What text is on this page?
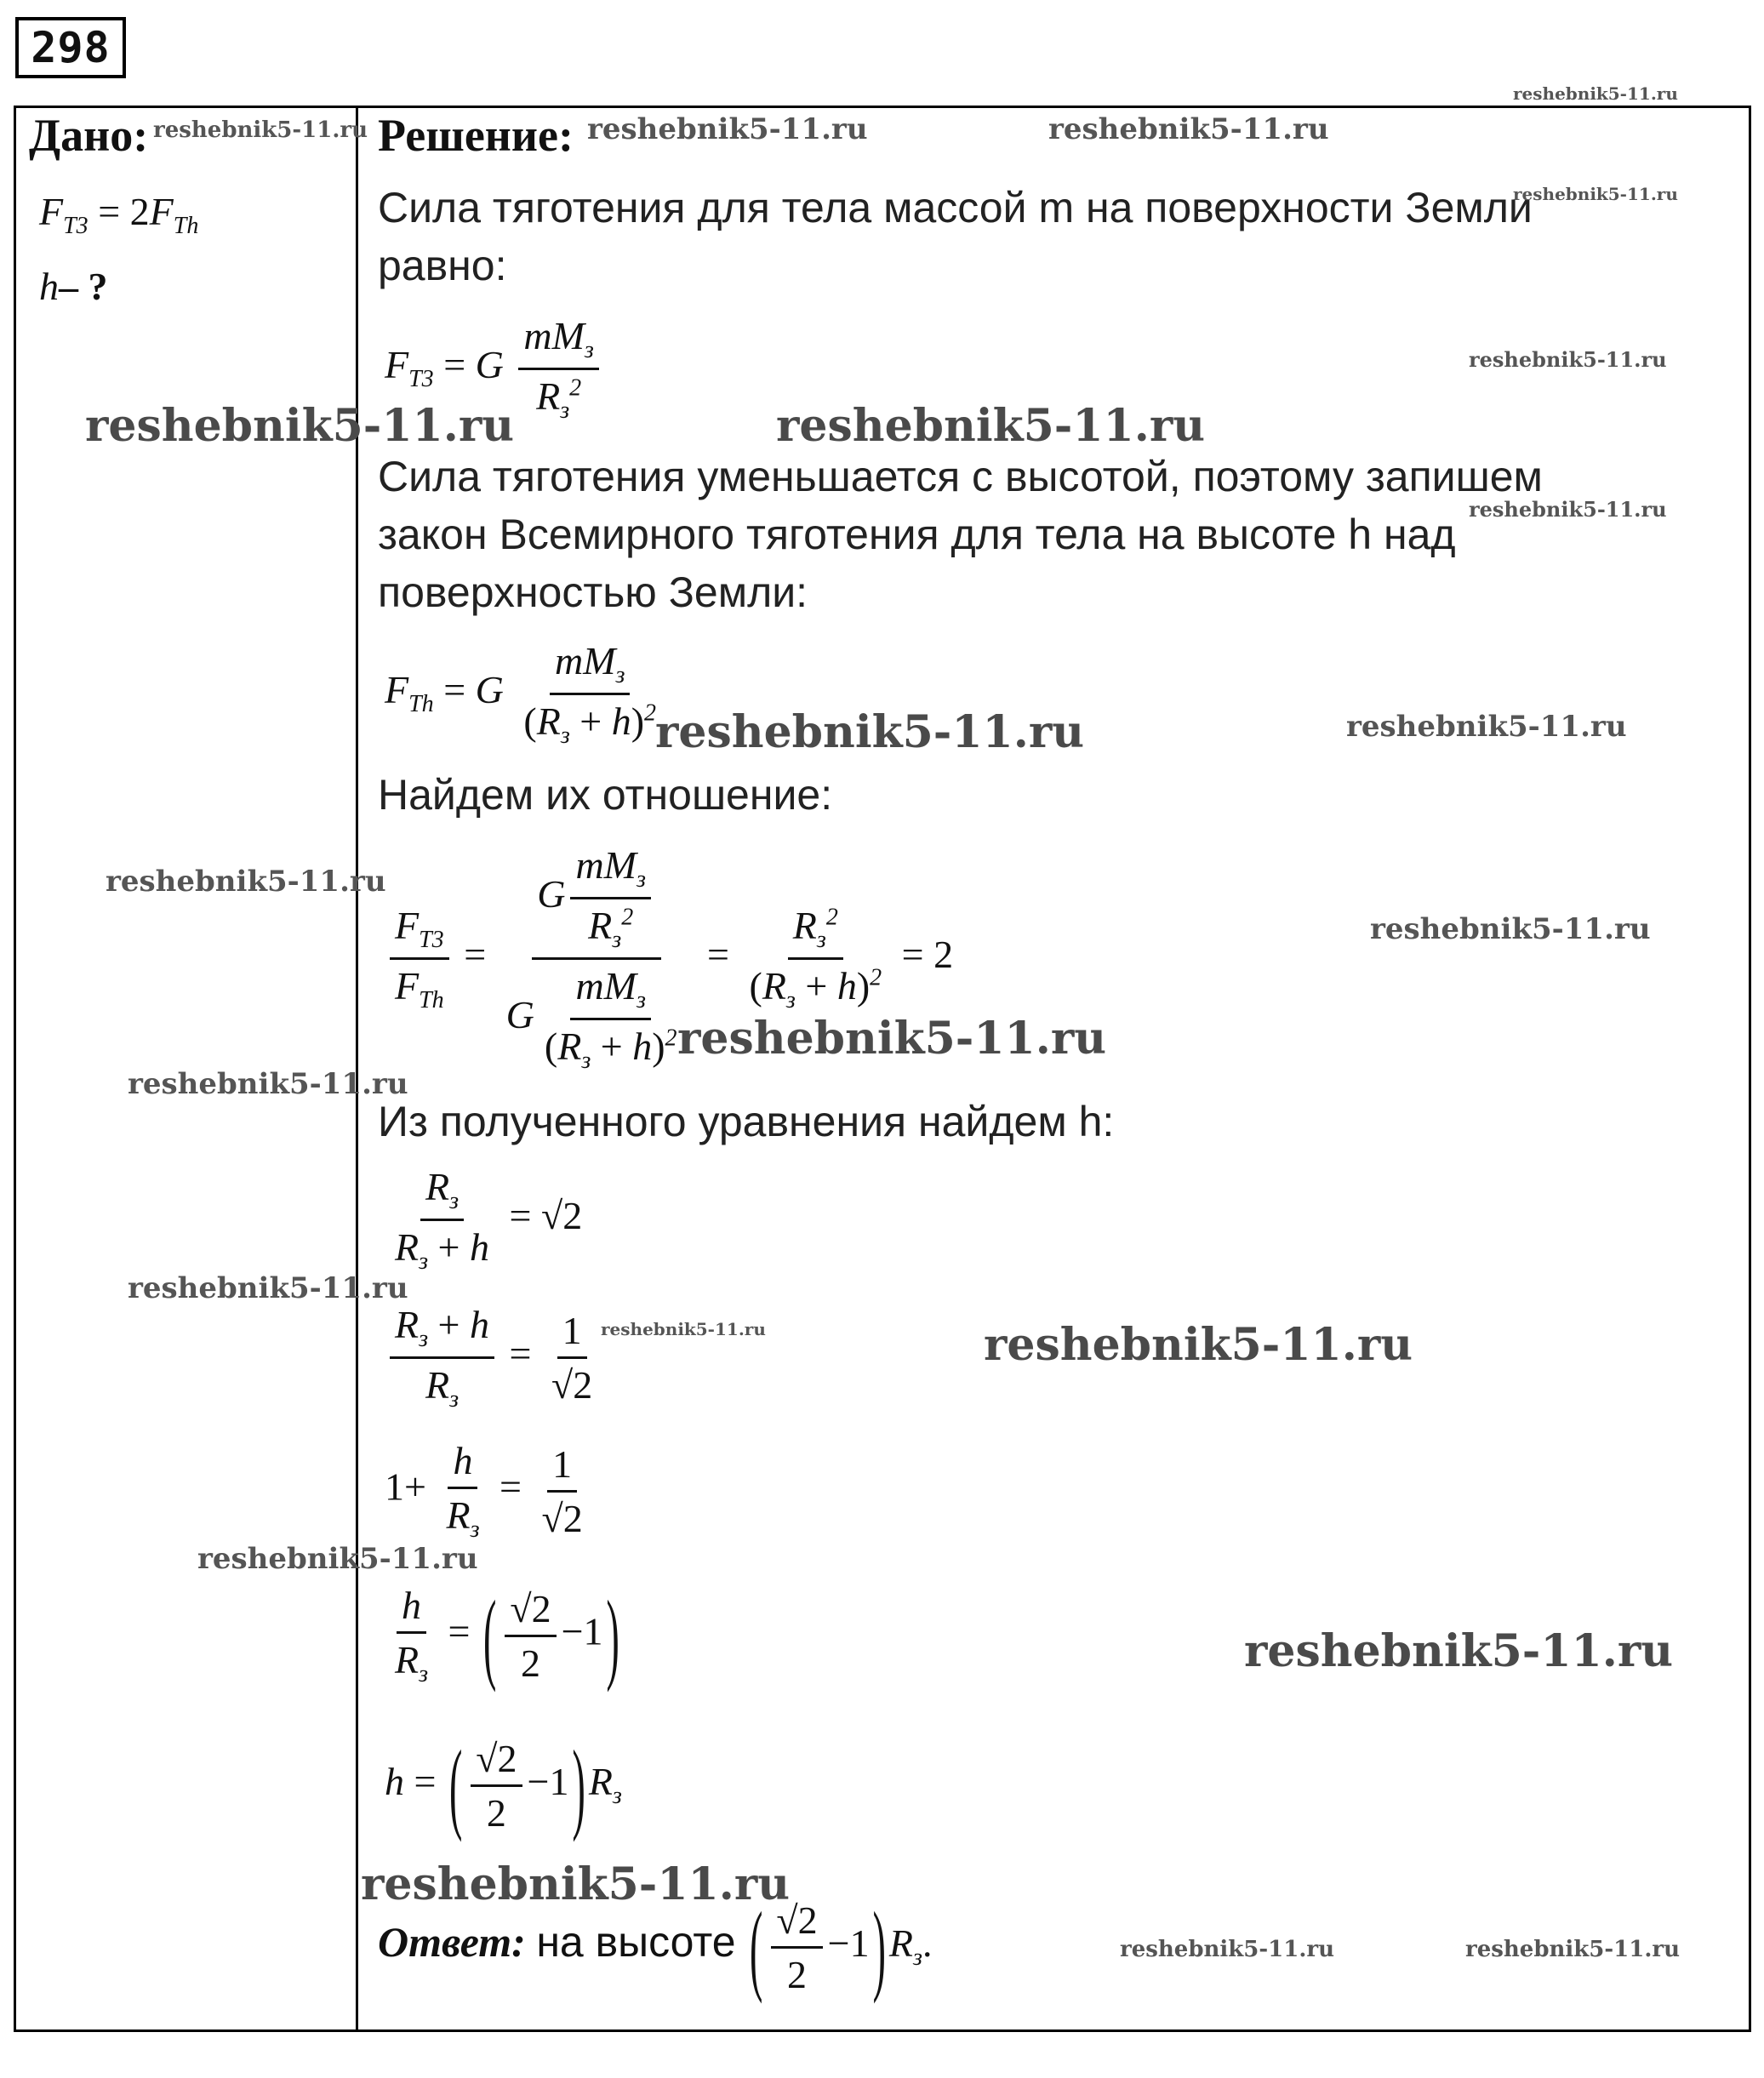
298
Дано:
$F_{Т3} = 2F_{Th}$
h– ?
Решение:
Сила тяготения для тела массой m на поверхности Земли
равно:
$F_{Т3} = G \frac{mM_з}{R_з^2}$
Сила тяготения уменьшается с высотой, поэтому запишем
закон Всемирного тяготения для тела на высоте h над
поверхностью Земли:
$F_{Th} = G \frac{mM_з}{(R_з + h)^2}$
Найдем их отношение:
$\frac{F_{Т3}}{F_{Th}} = \frac{G \frac{mM_з}{R_з^2}}{G \frac{mM_з}{(R_з + h)^2}} = \frac{R_з^2}{(R_з + h)^2} = 2$
Из полученного уравнения найдем h:
$\frac{R_з}{R_з + h} = √2$
$\frac{R_з + h}{R_з} = \frac{1}{√2}$
$1+ \frac{h}{R_з} = \frac{1}{√2}$
$\frac{h}{R_з}$ = ( $\frac{√2}{2} -1$)
h = ( $\frac{√2}{2} -1)R_з$
Ответ: на высоте ( $\frac{√2}{2} -1)R_з$.
reshebnik5-11.ru
reshebnik5-11.ru	reshebnik5-11.ru	reshebnik5-11.ru
reshebnik5-11.ru
reshebnik5-11.ru
reshebnik5-11.ru	reshebnik5-11.ru
reshebnik5-11.ru
reshebnik5-11.ru	reshebnik5-11.ru
reshebnik5-11.ru
reshebnik5-11.ru
reshebnik5-11.ru
reshebnik5-11.ru
reshebnik5-11.ru
reshebnik5-11.ru	reshebnik5-11.ru
reshebnik5-11.ru
reshebnik5-11.ru
reshebnik5-11.ru
reshebnik5-11.ru	reshebnik5-11.ru
